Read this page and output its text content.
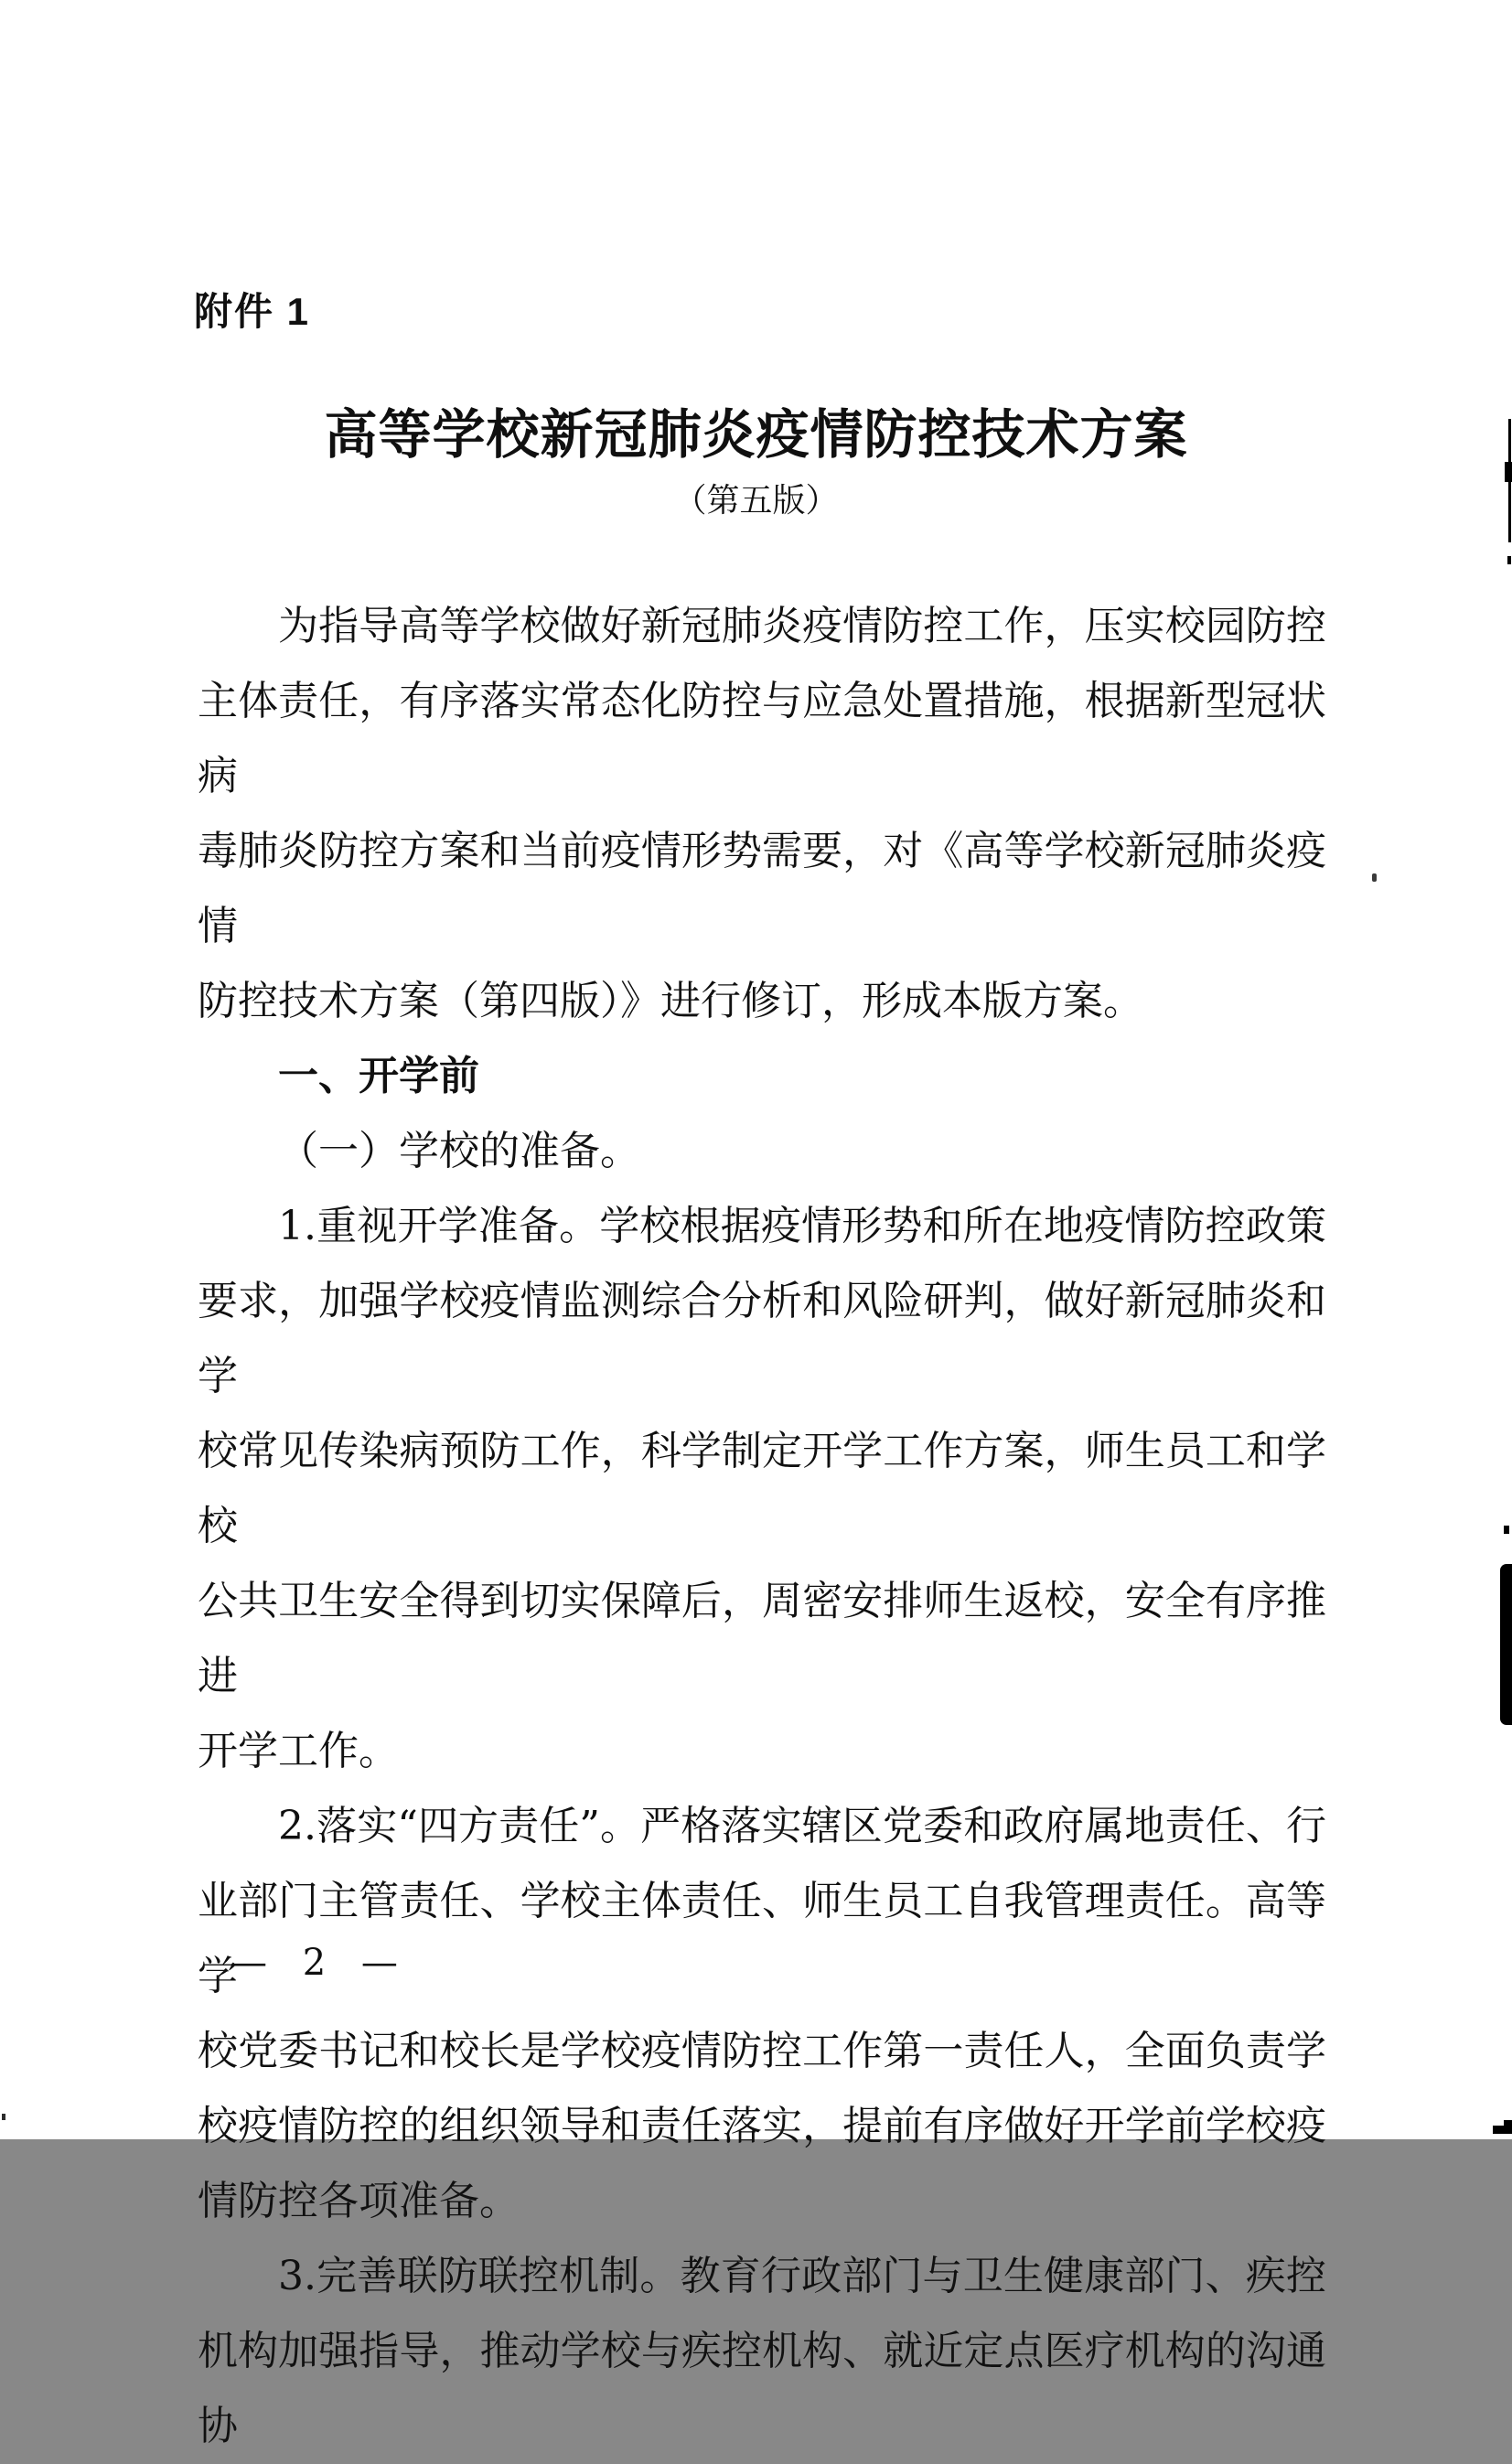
附件 1
高等学校新冠肺炎疫情防控技术方案
（第五版）
为指导高等学校做好新冠肺炎疫情防控工作，压实校园防控
主体责任，有序落实常态化防控与应急处置措施，根据新型冠状病
毒肺炎防控方案和当前疫情形势需要，对《高等学校新冠肺炎疫情
防控技术方案（第四版）》进行修订，形成本版方案。
一、开学前
（一）学校的准备。
1.重视开学准备。学校根据疫情形势和所在地疫情防控政策
要求，加强学校疫情监测综合分析和风险研判，做好新冠肺炎和学
校常见传染病预防工作，科学制定开学工作方案，师生员工和学校
公共卫生安全得到切实保障后，周密安排师生返校，安全有序推进
开学工作。
2.落实“四方责任”。严格落实辖区党委和政府属地责任、行
业部门主管责任、学校主体责任、师生员工自我管理责任。高等学
校党委书记和校长是学校疫情防控工作第一责任人，全面负责学
校疫情防控的组织领导和责任落实，提前有序做好开学前学校疫
情防控各项准备。
3.完善联防联控机制。教育行政部门与卫生健康部门、疾控
机构加强指导，推动学校与疾控机构、就近定点医疗机构的沟通协
— 2 —
